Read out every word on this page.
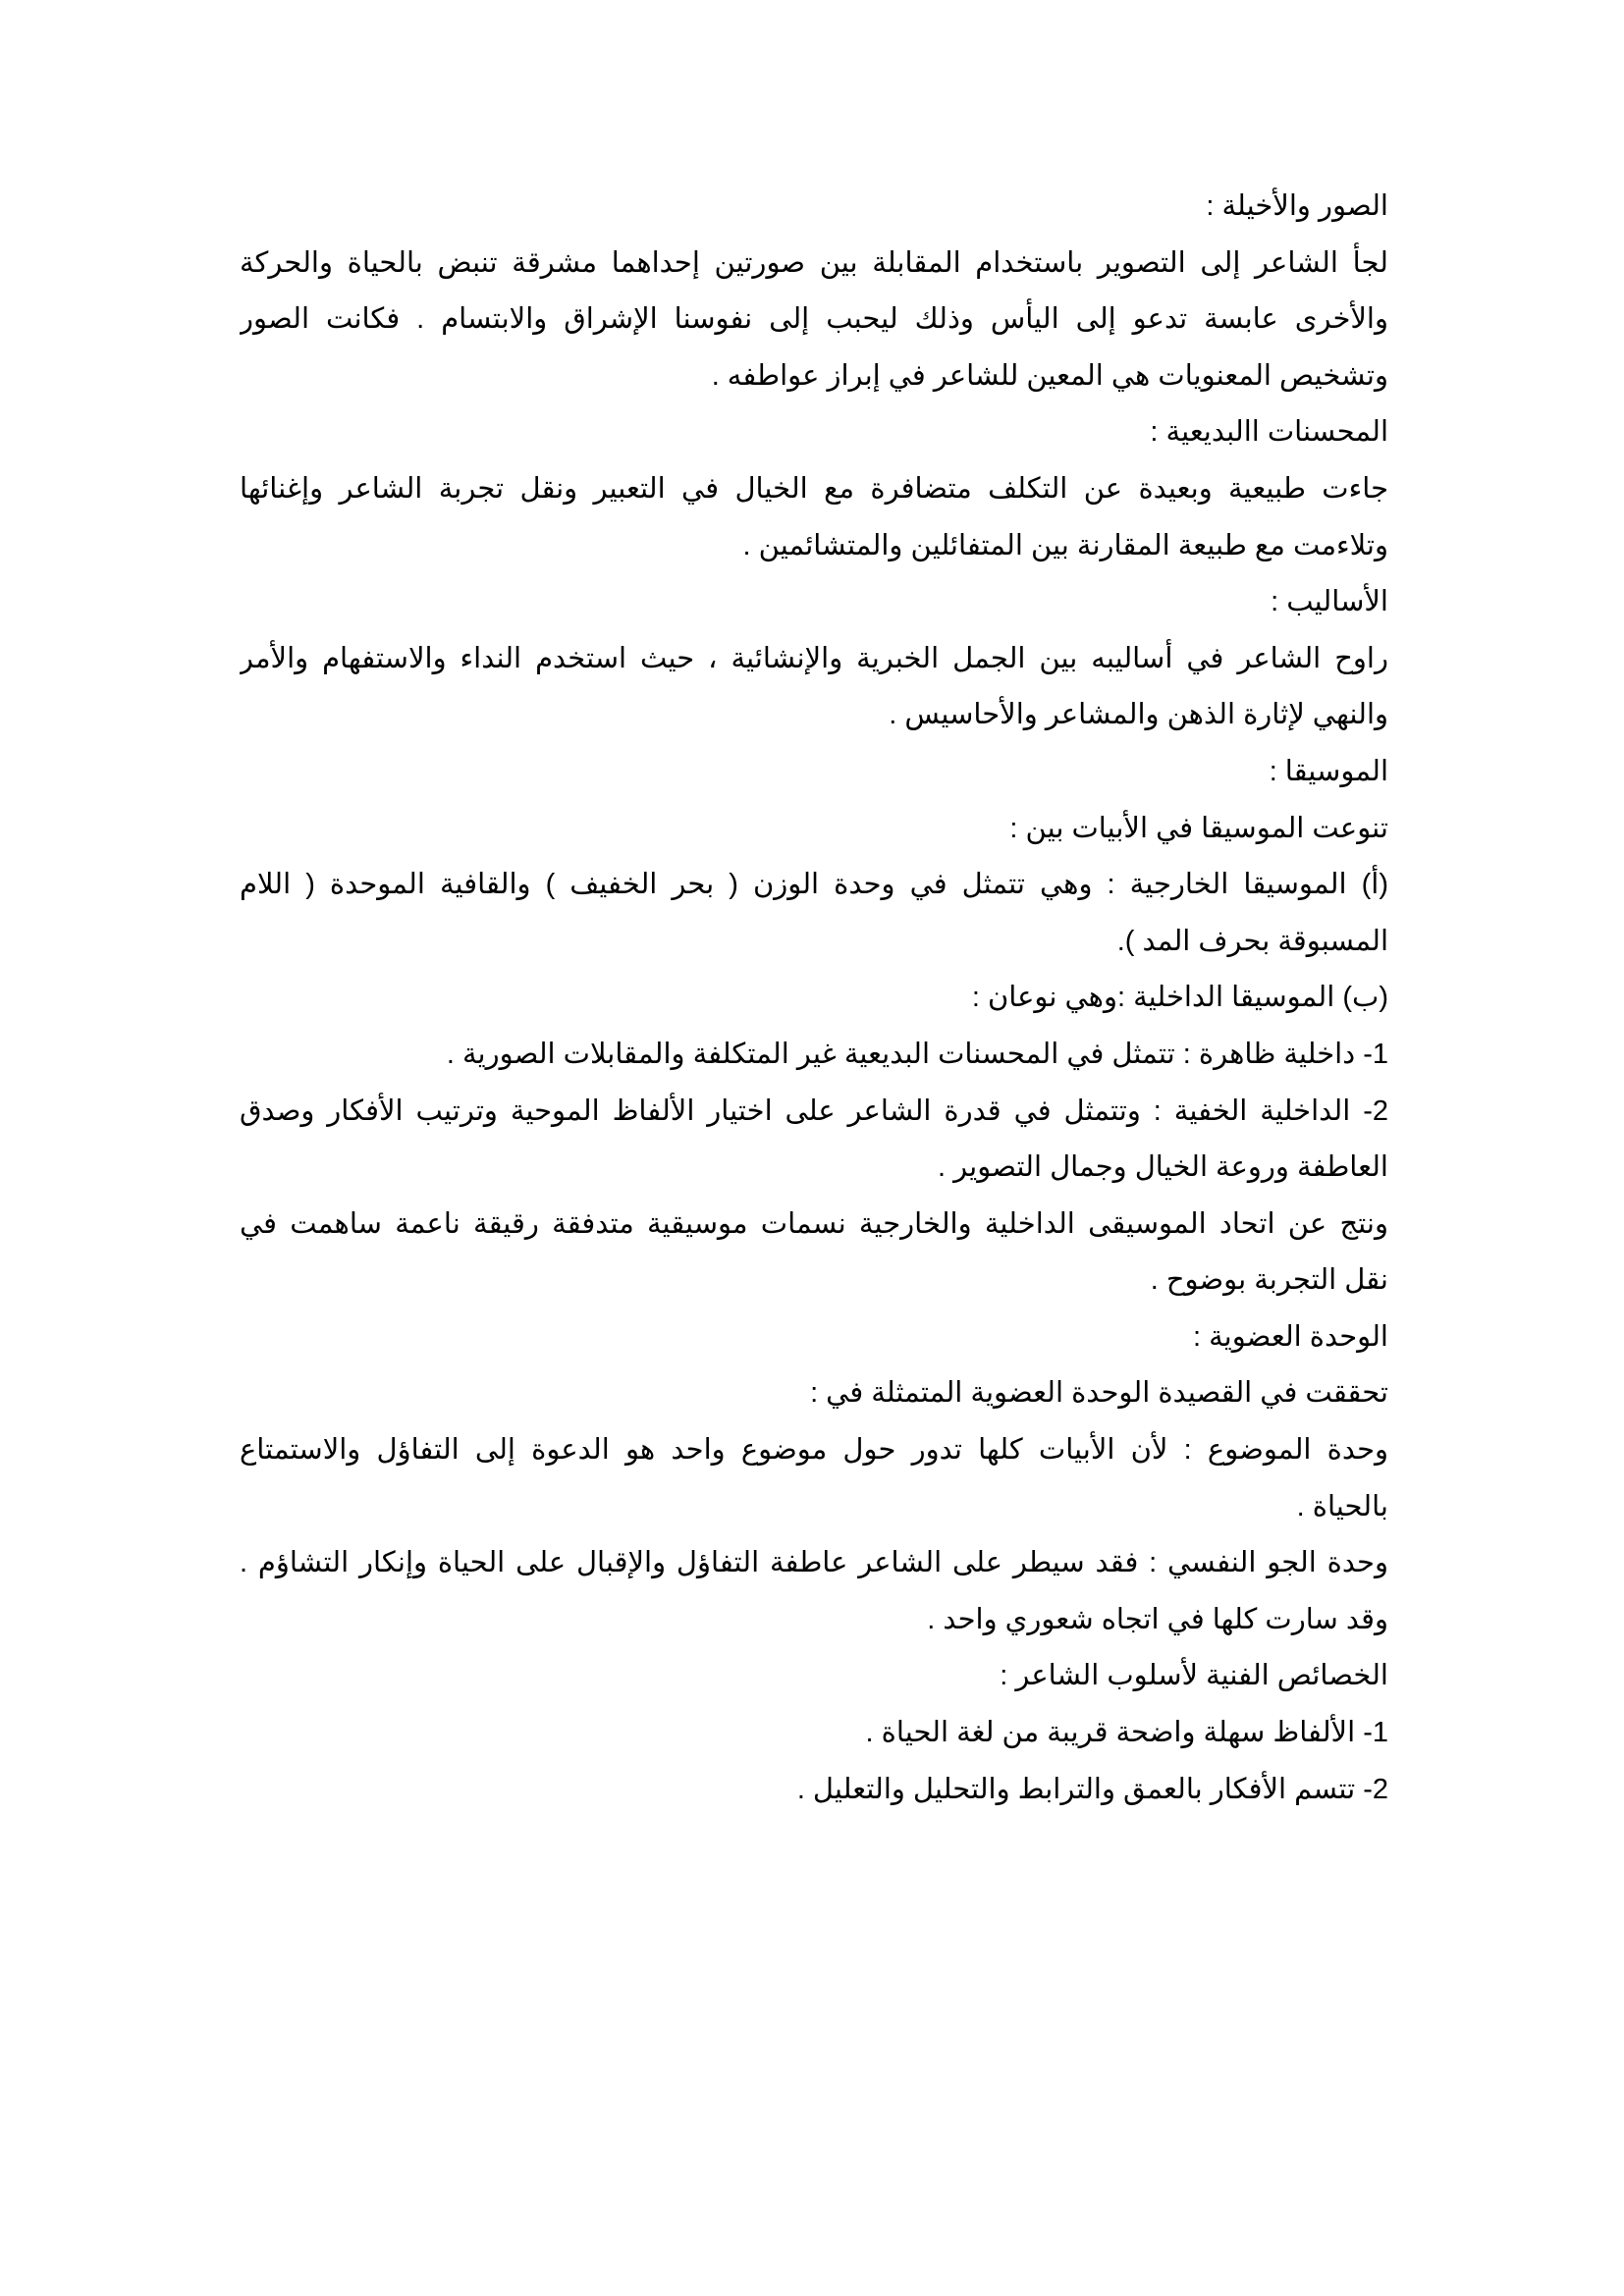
الصور والأخيلة :
لجأ الشاعر إلى التصوير باستخدام المقابلة بين صورتين إحداهما مشرقة تنبض بالحياة والحركة
والأخرى عابسة تدعو إلى اليأس وذلك ليحبب إلى نفوسنا الإشراق والابتسام . فكانت الصور
وتشخيص المعنويات هي المعين للشاعر في إبراز عواطفه .
المحسنات االبديعية :
جاءت طبيعية وبعيدة عن التكلف متضافرة مع الخيال في التعبير ونقل تجربة الشاعر وإغنائها
وتلاءمت مع طبيعة المقارنة بين المتفائلين والمتشائمين .
الأساليب :
راوح الشاعر في أساليبه بين الجمل الخبرية والإنشائية ، حيث استخدم النداء والاستفهام والأمر
والنهي لإثارة الذهن والمشاعر والأحاسيس .
الموسيقا :
تنوعت الموسيقا في الأبيات بين :
(أ) الموسيقا الخارجية : وهي تتمثل في وحدة الوزن ( بحر الخفيف ) والقافية الموحدة ( اللام
المسبوقة بحرف المد ).
(ب) الموسيقا الداخلية :وهي نوعان :
1- داخلية ظاهرة : تتمثل في المحسنات البديعية غير المتكلفة والمقابلات الصورية .
2- الداخلية الخفية : وتتمثل في قدرة الشاعر على اختيار الألفاظ الموحية وترتيب الأفكار وصدق
العاطفة وروعة الخيال وجمال التصوير .
ونتج عن اتحاد الموسيقى الداخلية والخارجية نسمات موسيقية متدفقة رقيقة ناعمة ساهمت في
نقل التجربة بوضوح .
الوحدة العضوية :
تحققت في القصيدة الوحدة العضوية المتمثلة في :
وحدة الموضوع : لأن الأبيات كلها تدور حول موضوع واحد هو الدعوة إلى التفاؤل والاستمتاع
بالحياة .
وحدة الجو النفسي : فقد سيطر على الشاعر عاطفة التفاؤل والإقبال على الحياة وإنكار التشاؤم .
وقد سارت كلها في اتجاه شعوري واحد .
الخصائص الفنية لأسلوب الشاعر :
1- الألفاظ سهلة واضحة قريبة من لغة الحياة .
2- تتسم الأفكار بالعمق والترابط والتحليل والتعليل .
